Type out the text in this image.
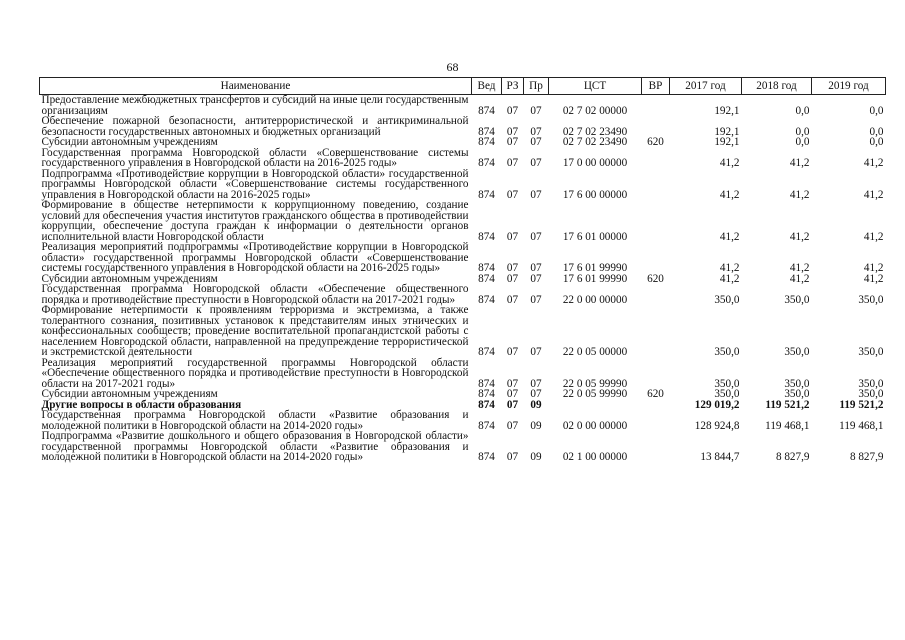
68
Наименование	Вед	РЗ	Пр	ЦСТ	ВР	2017 год	2018 год	2019 год
Предоставление межбюджетных трансфертов и субсидий на иные цели государственным организациям	874	07	07	02 7 02 00000		192,1	0,0	0,0
Обеспечение пожарной безопасности, антитеррористической и антикриминальной безопасности государственных автономных и бюджетных организаций	874	07	07	02 7 02 23490		192,1	0,0	0,0
Субсидии автономным учреждениям	874	07	07	02 7 02 23490	620	192,1	0,0	0,0
Государственная программа Новгородской области «Совершенствование системы государственного управления в Новгородской области на 2016-2025 годы»	874	07	07	17 0 00 00000		41,2	41,2	41,2
Подпрограмма «Противодействие коррупции в Новгородской области» государственной программы Новгородской области «Совершенствование системы государственного управления в Новгородской области на 2016-2025 годы»	874	07	07	17 6 00 00000		41,2	41,2	41,2
Формирование в обществе нетерпимости к коррупционному поведению, создание условий для обеспечения участия институтов гражданского общества в противодействии коррупции, обеспечение доступа граждан к информации о деятельности органов исполнительной власти Новгородской области	874	07	07	17 6 01 00000		41,2	41,2	41,2
Реализация мероприятий подпрограммы «Противодействие коррупции в Новгородской области» государственной программы Новгородской области «Совершенствование системы государственного управления в Новгородской области на 2016-2025 годы»	874	07	07	17 6 01 99990		41,2	41,2	41,2
Субсидии автономным учреждениям	874	07	07	17 6 01 99990	620	41,2	41,2	41,2
Государственная программа Новгородской области «Обеспечение общественного порядка и противодействие преступности в Новгородской области на 2017-2021 годы»	874	07	07	22 0 00 00000		350,0	350,0	350,0
Формирование нетерпимости к проявлениям терроризма и экстремизма, а также толерантного сознания, позитивных установок к представителям иных этнических и конфессиональных сообществ; проведение воспитательной пропагандистской работы с населением Новгородской области, направленной на предупреждение террористической и экстремистской деятельности	874	07	07	22 0 05 00000		350,0	350,0	350,0
Реализация мероприятий государственной программы Новгородской области «Обеспечение общественного порядка и противодействие преступности в Новгородской области на 2017-2021 годы»	874	07	07	22 0 05 99990		350,0	350,0	350,0
Субсидии автономным учреждениям	874	07	07	22 0 05 99990	620	350,0	350,0	350,0
Другие вопросы в области образования	874	07	09			129 019,2	119 521,2	119 521,2
Государственная программа Новгородской области «Развитие образования и молодежной политики в Новгородской области на 2014-2020 годы»	874	07	09	02 0 00 00000		128 924,8	119 468,1	119 468,1
Подпрограмма «Развитие дошкольного и общего образования в Новгородской области» государственной программы Новгородской области «Развитие образования и молодежной политики в Новгородской области на 2014-2020 годы»	874	07	09	02 1 00 00000		13 844,7	8 827,9	8 827,9
